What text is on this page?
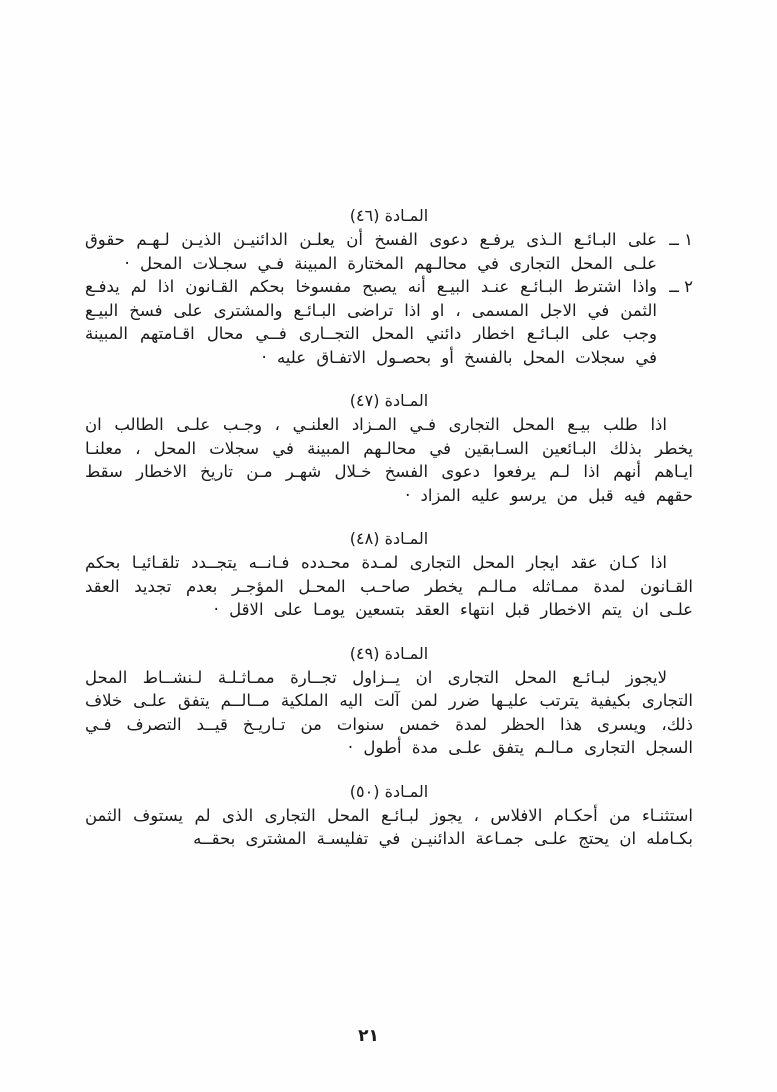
المـادة (٤٦)
١ ــ

على البـائـع الـذى يرفـع دعوى الفسخ أن يعلـن الدائنيـن الذيـن لـهـم حقوق علـى المحل التجارى في محالـهم المختارة المبينة فـي سجـلات المحل ·

٢ ــ

واذا اشترط البـائـع عنـد البيـع أنه يصبح مفسوخا بحكم القـانون اذا لم يدفـع الثمن في الاجل المسمى ، او اذا تراضى البـائـع والمشترى على فسخ البيـع وجب على البـائـع اخطار دائني المحل التجــارى فــي محال اقـامتهم المبينة في سجلات المحل بالفسخ أو بحصـول الاتفـاق عليه ·

المـادة (٤٧)

اذا طلب بيـع المحل التجارى فـي المـزاد العلنـي ، وجـب علـى الطالب ان يخطر بذلك البـائعين السـابقين في محالـهم المبينة في سجلات المحل ، معلنـا ايـاهم أنهم اذا لـم يرفعوا دعوى الفسخ خـلال شهـر مـن تاريخ الاخطار سقط حقهم فيه قبل من يرسو عليه المزاد ·

المـادة (٤٨)

اذا كـان عقد ايجار المحل التجارى لمـدة محـدده فـانــه يتجــدد تلقـائيـا بحكم القـانون لمدة ممـاثله مـالـم يخطر صاحـب المحـل المؤجـر بعدم تجديد العقد علـى ان يتم الاخطار قبل انتهاء العقد بتسعين يومـا على الاقل ·

المـادة (٤٩)

لايجوز لبـائـع المحل التجارى ان يــزاول تجــارة ممـاثـلـة لـنشــاط المحل التجارى بكيفية يترتب عليـها ضرر لمن آلت اليه الملكية مــالــم يتفق علـى خلاف ذلك، ويسرى هذا الحظر لمدة خمس سنوات من تـاريـخ قيــد التصرف فـي السجل التجارى مـالـم يتفق علـى مدة أطول ·

المـادة (٥٠)

استثنـاء من أحكـام الافلاس ، يجوز لبـائـع المحل التجارى الذى لم يستوف الثمن بكـامله ان يحتج علـى جمـاعة الدائنيـن في تفليسـة المشترى بحقــه

٢١
